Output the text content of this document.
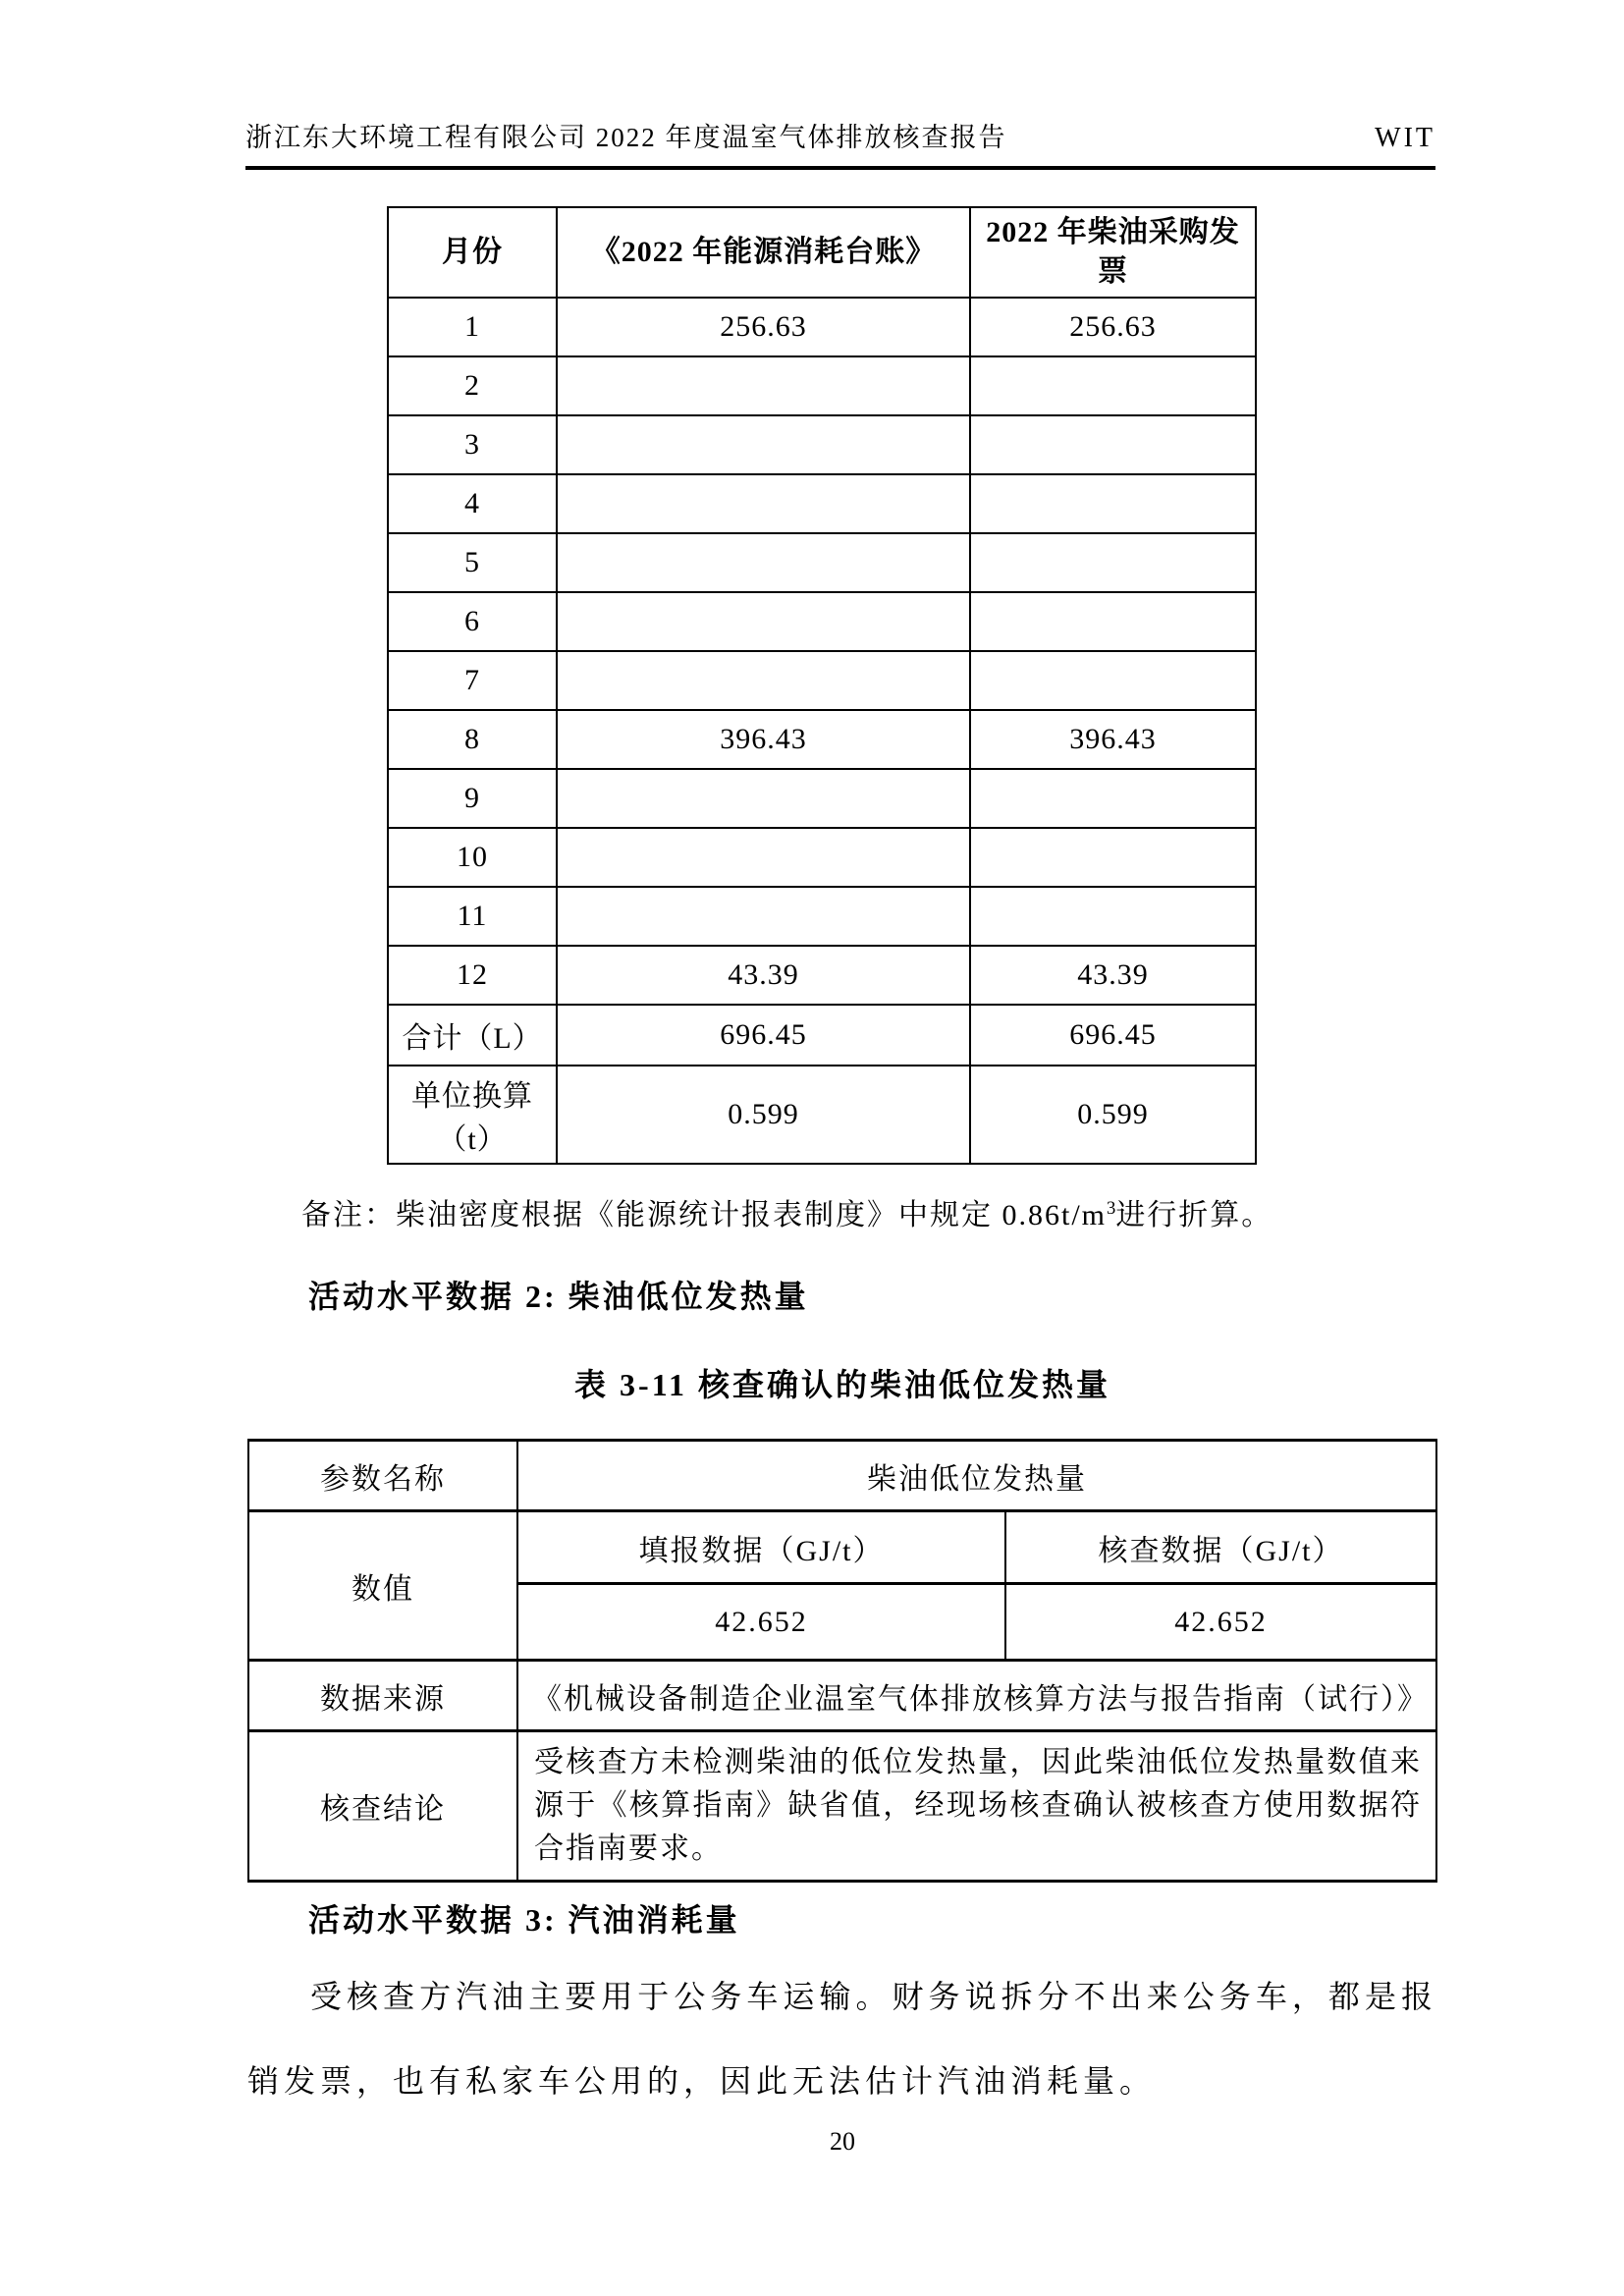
浙江东大环境工程有限公司 2022 年度温室气体排放核查报告	WIT
月份	《2022 年能源消耗台账》	2022 年柴油采购发票
1	256.63	256.63
2		
3		
4		
5		
6		
7		
8	396.43	396.43
9		
10		
11		
12	43.39	43.39
合计（L）	696.45	696.45
单位换算（t）	0.599	0.599
备注：柴油密度根据《能源统计报表制度》中规定 $0.86t/m^3$进行折算。
活动水平数据 2: 柴油低位发热量
表 3-11 核查确认的柴油低位发热量
参数名称	柴油低位发热量	
数值	填报数据（GJ/t）	核查数据（GJ/t）
	42.652	42.652
数据来源	《机械设备制造企业温室气体排放核算方法与报告指南（试行）》	
核查结论	受核查方未检测柴油的低位发热量，因此柴油低位发热量数值来源于《核算指南》缺省值，经现场核查确认被核查方使用数据符合指南要求。	
活动水平数据 3: 汽油消耗量
受核查方汽油主要用于公务车运输。财务说拆分不出来公务车，都是报销发票，也有私家车公用的，因此无法估计汽油消耗量。
20
